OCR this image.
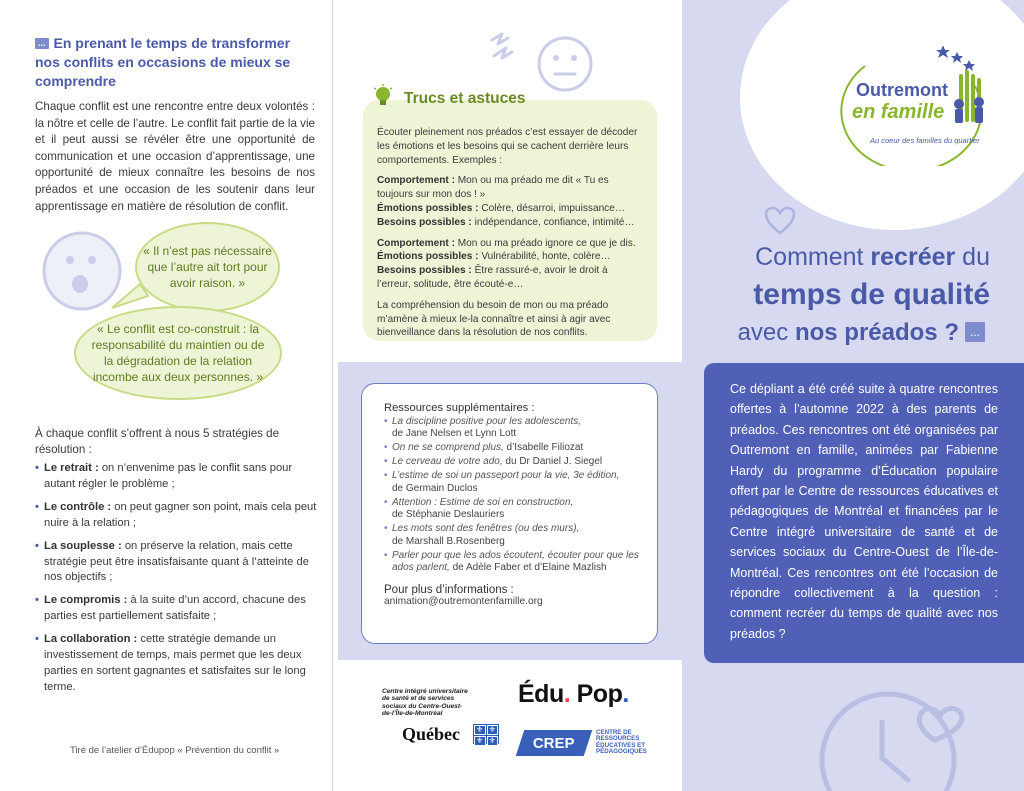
... En prenant le temps de transformer nos conflits en occasions de mieux se comprendre

Chaque conflit est une rencontre entre deux volontés : la nôtre et celle de l’autre. Le conflit fait partie de la vie et il peut aussi se révéler être une opportunité de communication et une occasion d’apprentissage, une opportunité de mieux connaître les besoins de nos préados et une occasion de les soutenir dans leur apprentissage en matière de résolution de conflit.

« Il n’est pas nécessaire que l’autre ait tort pour avoir raison. »
« Le conflit est co-construit : la responsabilité du maintien ou de la dégradation de la relation incombe aux deux personnes. »

À chaque conflit s’offrent à nous 5 stratégies de résolution :

• Le retrait : on n’envenime pas le conflit sans pour autant régler le problème ;
• Le contrôle : on peut gagner son point, mais cela peut nuire à la relation ;
• La souplesse : on préserve la relation, mais cette stratégie peut être insatisfaisante quant à l’atteinte de nos objectifs ;
• Le compromis : à la suite d’un accord, chacune des parties est partiellement satisfaite ;
• La collaboration : cette stratégie demande un investissement de temps, mais permet que les deux parties en sortent gagnantes et satisfaites sur le long terme.

Tiré de l’atelier d’Édupop « Prévention du conflit »

Écouter pleinement nos préados c’est essayer de décoder les émotions et les besoins qui se cachent derrière leurs comportements. Exemples :

Comportement : Mon ou ma préado me dit « Tu es toujours sur mon dos ! »
Émotions possibles : Colère, désarroi, impuissance…
Besoins possibles : indépendance, confiance, intimité…

Comportement : Mon ou ma préado ignore ce que je dis.
Émotions possibles : Vulnérabilité, honte, colère…
Besoins possibles : Être rassuré-e, avoir le droit à l’erreur, solitude, être écouté-e…

La compréhension du besoin de mon ou ma préado m’amène à mieux le-la connaître et ainsi à agir avec bienveillance dans la résolution de nos conflits.

Trucs et astuces
Ressources supplémentaires :
• La discipline positive pour les adolescents,
de Jane Nelsen et Lynn Lott
• On ne se comprend plus, d’Isabelle Filiozat
• Le cerveau de votre ado, du Dr Daniel J. Siegel
• L’estime de soi un passeport pour la vie, 3e édition,
de Germain Duclos
• Attention : Estime de soi en construction,
de Stéphanie Deslauriers
• Les mots sont des fenêtres (ou des murs),
de Marshall B.Rosenberg
• Parler pour que les ados écoutent, écouter pour que les ados parlent, de Adèle Faber et d’Elaine Mazlish
Pour plus d’informations :
animation@outremontenfamille.org
Centre intégré universitaire de santé et de services sociaux du Centre-Ouest-de-l’Île-de-Montréal
Québec ⚜ ⚜
⚜ ⚜
Édu. Pop.
CREP
CENTRE DE RESSOURCES ÉDUCATIVES ET PÉDAGOGIQUES
Outremont
en famille
Au coeur des familles du quartier
Comment recréer du
temps de qualité
avec nos préados ? ...

Ce dépliant a été créé suite à quatre rencontres offertes à l’automne 2022 à des parents de préados. Ces rencontres ont été organisées par Outremont en famille, animées par Fabienne Hardy du programme d’Éducation populaire offert par le Centre de ressources éducatives et pédagogiques de Montréal et financées par le Centre intégré universitaire de santé et de services sociaux du Centre-Ouest de l’Île-de-Montréal. Ces rencontres ont été l’occasion de répondre collectivement à la question : comment recréer du temps de qualité avec nos préados ?
